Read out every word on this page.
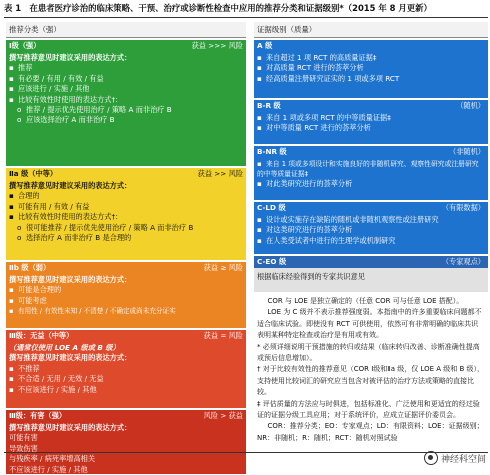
表 1　在患者医疗诊治的临床策略、干预、治疗或诊断性检查中应用的推荐分类和证据级别*（2015 年 8 月更新）
推荐分类（强）
Ⅰ级（强）	获益 >>> 风险
撰写推荐意见时建议采用的表达方式：
▪ 推荐
▪ 有必要 / 有用 / 有效 / 有益
▪ 应该进行 / 实施 / 其他
▪ 比较有效性时使用的表达方式†：
o 推荐 / 提示优先使用治疗 / 策略 A 而非治疗 B
o 应该选择治疗 A 而非治疗 B
Ⅱa 级（中等）	获益 >> 风险
撰写推荐意见时建议采用的表达方式：
▪ 合理的
▪ 可能有用 / 有效 / 有益
▪ 比较有效性时使用的表达方式†：
o 很可能推荐 / 提示优先使用治疗 / 策略 A 而非治疗 B
o 选择治疗 A 而非治疗 B 是合理的
Ⅱb 级（弱）	获益 ≥ 风险
撰写推荐意见时建议采用的表达方式：
▪ 可能是合理的
▪ 可能考虑
▪ 有用性 / 有效性未知 / 不清楚 / 不确定或尚未充分证实
Ⅲ级：无益（中等）	获益 = 风险
（通常仅使用 LOE A 级或 B 级）
撰写推荐意见时建议采用的表达方式：
▪ 不推荐
▪ 不合适 / 无用 / 无效 / 无益
▪ 不应该进行 / 实施 / 其他
Ⅲ级：有害（强）	风险 > 获益
撰写推荐意见时建议采用的表达方式：
可能有害
导致伤害
与残疾率 / 病死率增高相关
不应该进行 / 实施 / 其他
证据级别（质量）
A 级
▪ 来自超过 1 项 RCT 的高质量证据‡
▪ 对高质量 RCT 进行的荟萃分析
▪ 经高质量注册研究证实的 1 项或多项 RCT
B-R 级	（随机）
▪ 来自 1 项或多项 RCT 的中等质量证据‡
▪ 对中等质量 RCT 进行的荟萃分析
B-NR 级	（非随机）
▪ 来自 1 项或多项设计和实施良好的非随机研究、观察性研究或注册研究的中等质量证据‡
▪ 对此类研究进行的荟萃分析
C-LD 级	（有限数据）
▪ 设计或实施存在缺陷的随机或非随机观察性或注册研究
▪ 对这类研究进行的荟萃分析
▪ 在人类受试者中进行的生理学或机制研究
C-EO 级	（专家观点）
根据临床经验得到的专家共识意见

COR 与 LOE 是独立确定的（任意 COR 可与任意 LOE 搭配）。

LOE 为 C 级并不表示推荐强度弱。本指南中的许多重要临床问题都不适合临床试验。即使没有 RCT 可供使用，依然可有非常明确的临床共识表明某种特定检查或治疗是有用或有效。

* 必须详细说明干预措施的转归或结果（临床转归改善、诊断准确性提高或预后信息增加）。

† 对于比较有效性的推荐意见（COR Ⅰ级和Ⅱa 级，仅 LOE A 级和 B 级），支持使用比较词汇的研究应当包含对被评估的治疗方法或策略的直接比较。

‡ 评估质量的方法应与时俱进，包括标准化、广泛使用和更适宜的经过验证的证据分级工具应用；对于系统评价，应成立证据评价委员会。

COR：推荐分类；EO：专家观点；LD：有限资料；LOE：证据级别；NR：非随机；R：随机；RCT：随机对照试验

神经科空间
